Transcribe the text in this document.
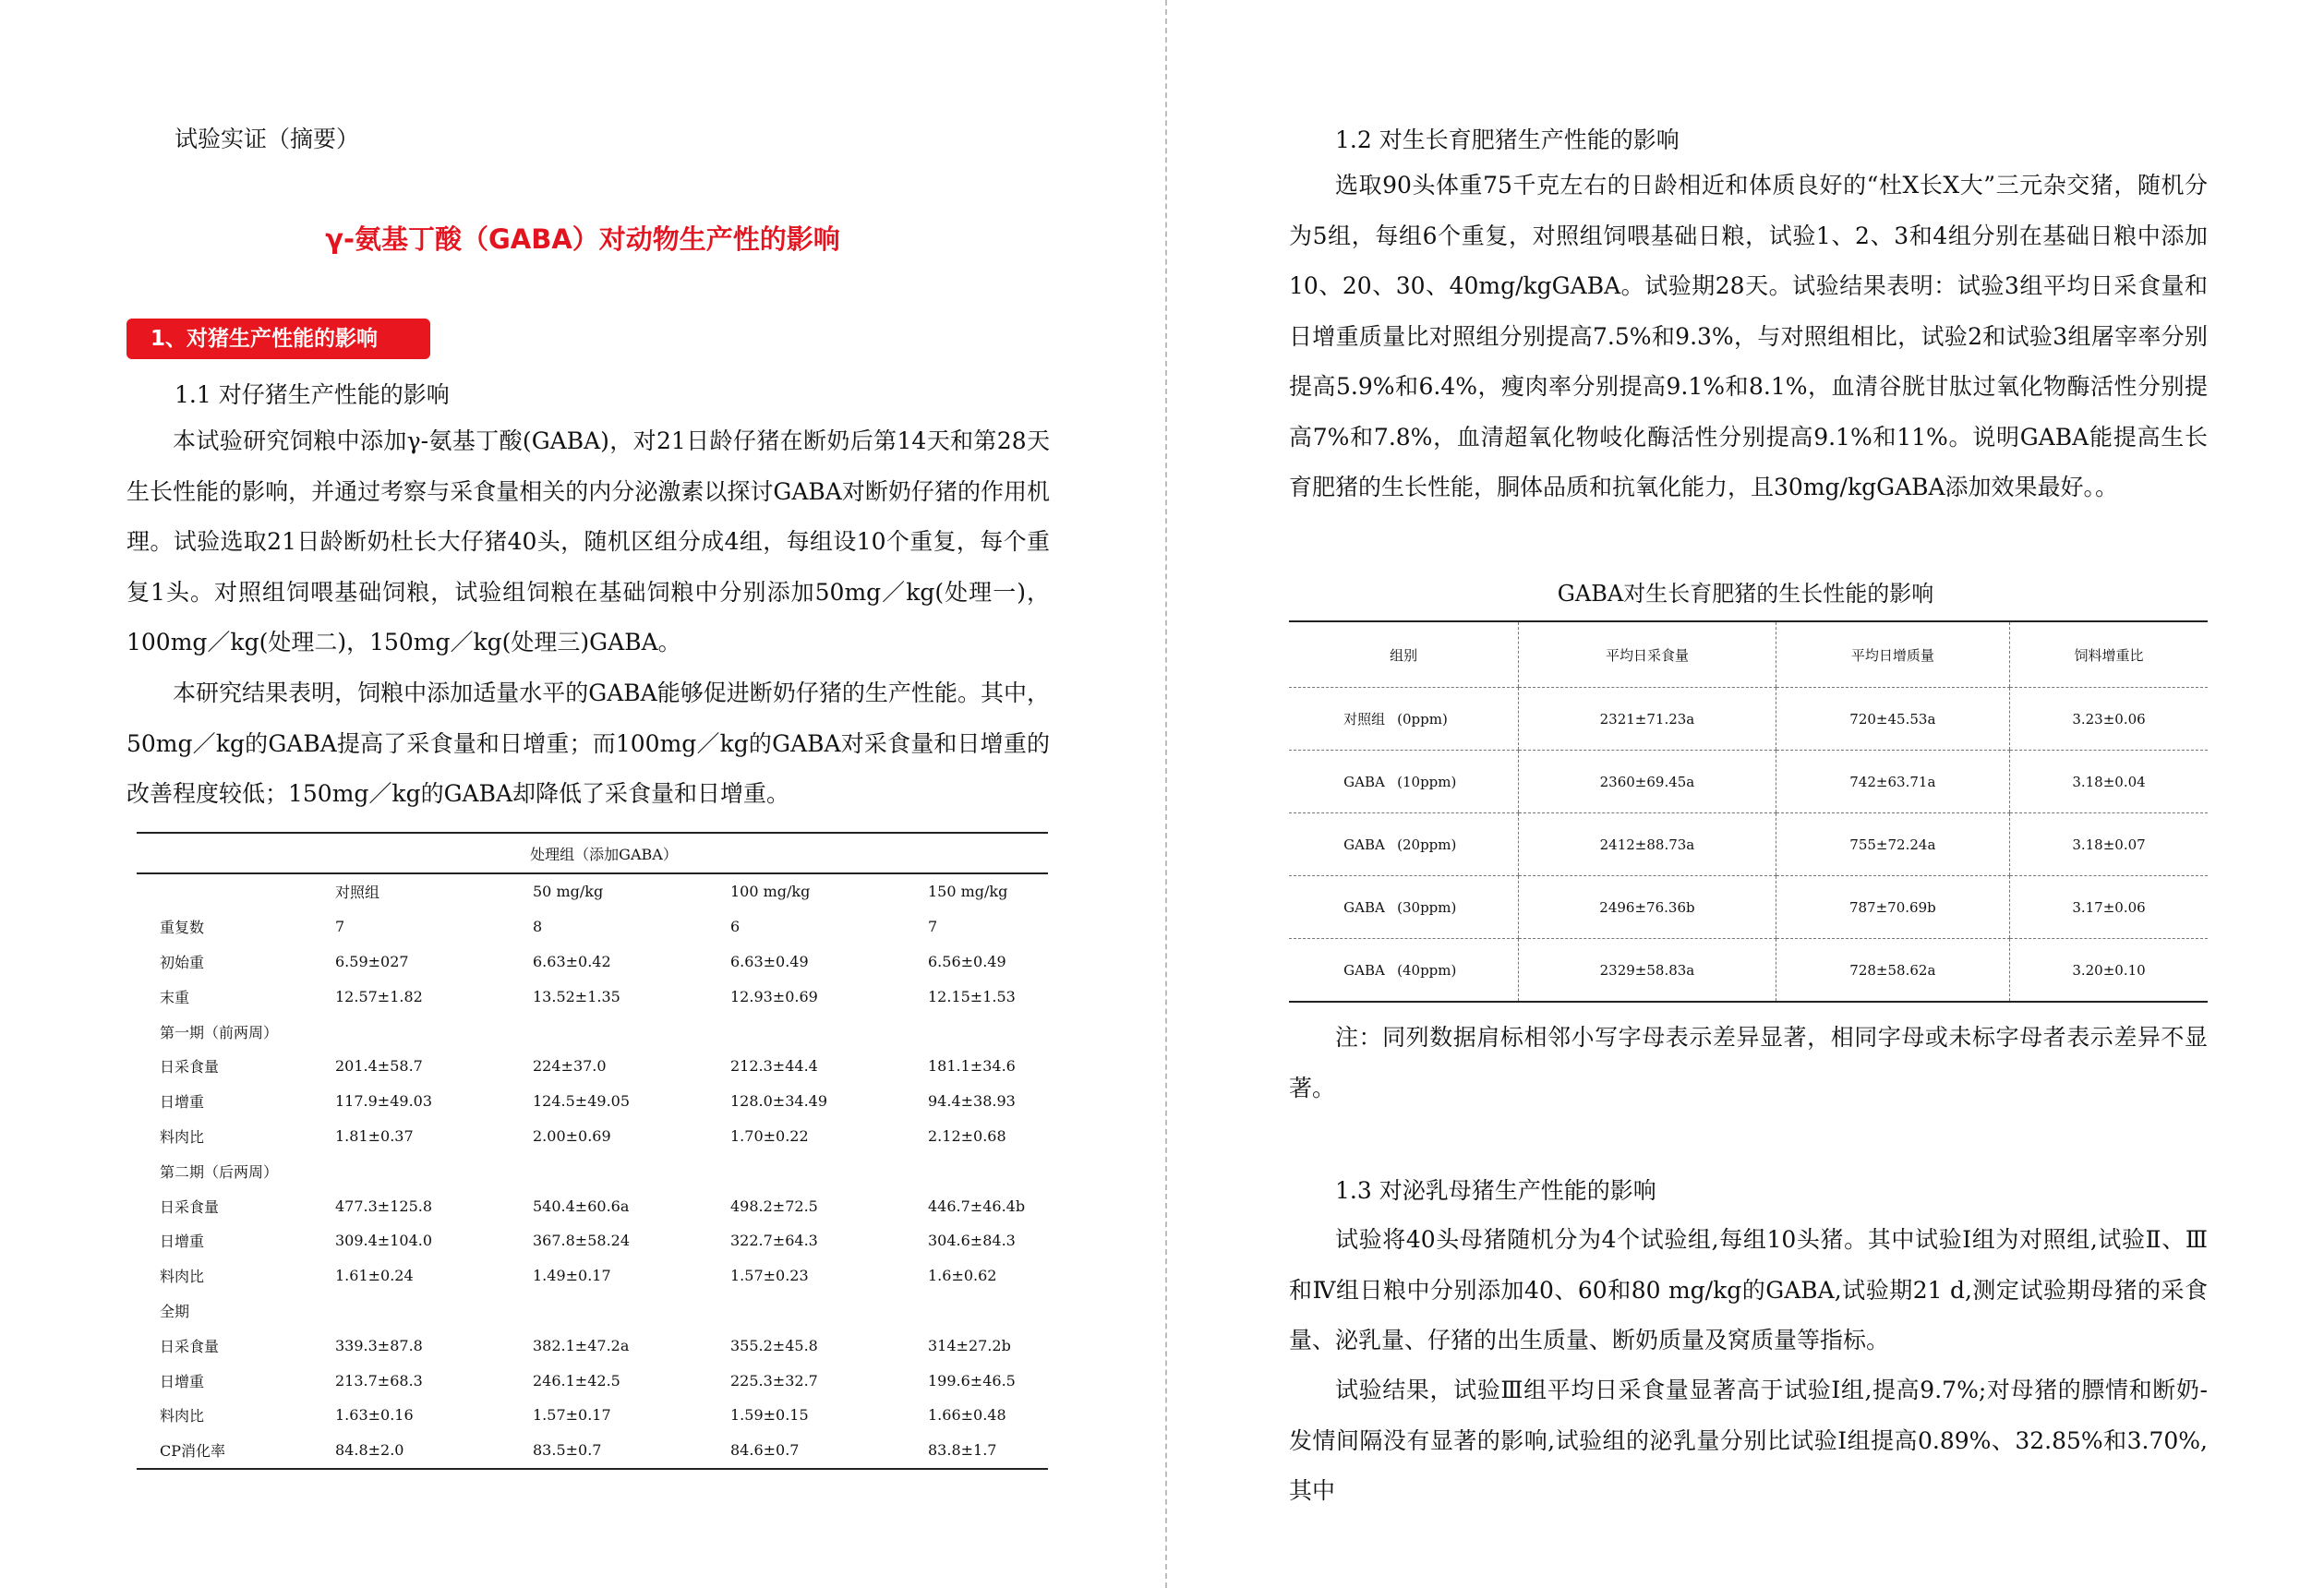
试验实证（摘要）
γ-氨基丁酸（GABA）对动物生产性的影响
1、对猪生产性能的影响
1.1 对仔猪生产性能的影响

本试验研究饲粮中添加γ-氨基丁酸(GABA)，对21日龄仔猪在断奶后第14天和第28天生长性能的影响，并通过考察与采食量相关的内分泌激素以探讨GABA对断奶仔猪的作用机理。试验选取21日龄断奶杜长大仔猪40头，随机区组分成4组，每组设10个重复，每个重复1头。对照组饲喂基础饲粮，试验组饲粮在基础饲粮中分别添加50mg／kg(处理一)，100mg／kg(处理二)，150mg／kg(处理三)GABA。

本研究结果表明，饲粮中添加适量水平的GABA能够促进断奶仔猪的生产性能。其中，50mg／kg的GABA提高了采食量和日增重；而100mg／kg的GABA对采食量和日增重的改善程度较低；150mg／kg的GABA却降低了采食量和日增重。

处理组（添加GABA）				
	对照组	50 mg/kg	100 mg/kg	150 mg/kg
重复数	7	8	6	7
初始重	6.59±027	6.63±0.42	6.63±0.49	6.56±0.49
末重	12.57±1.82	13.52±1.35	12.93±0.69	12.15±1.53
第一期（前两周）				
日采食量	201.4±58.7	224±37.0	212.3±44.4	181.1±34.6
日增重	117.9±49.03	124.5±49.05	128.0±34.49	94.4±38.93
料肉比	1.81±0.37	2.00±0.69	1.70±0.22	2.12±0.68
第二期（后两周）				
日采食量	477.3±125.8	540.4±60.6a	498.2±72.5	446.7±46.4b
日增重	309.4±104.0	367.8±58.24	322.7±64.3	304.6±84.3
料肉比	1.61±0.24	1.49±0.17	1.57±0.23	1.6±0.62
全期				
日采食量	339.3±87.8	382.1±47.2a	355.2±45.8	314±27.2b
日增重	213.7±68.3	246.1±42.5	225.3±32.7	199.6±46.5
料肉比	1.63±0.16	1.57±0.17	1.59±0.15	1.66±0.48
CP消化率	84.8±2.0	83.5±0.7	84.6±0.7	83.8±1.7
1.2 对生长育肥猪生产性能的影响

选取90头体重75千克左右的日龄相近和体质良好的“杜X长X大”三元杂交猪，随机分为5组，每组6个重复，对照组饲喂基础日粮，试验1、2、3和4组分别在基础日粮中添加10、20、30、40mg/kgGABA。试验期28天。试验结果表明：试验3组平均日采食量和日增重质量比对照组分别提高7.5%和9.3%，与对照组相比，试验2和试验3组屠宰率分别提高5.9%和6.4%，瘦肉率分别提高9.1%和8.1%，血清谷胱甘肽过氧化物酶活性分别提高7%和7.8%，血清超氧化物岐化酶活性分别提高9.1%和11%。说明GABA能提高生长育肥猪的生长性能，胴体品质和抗氧化能力，且30mg/kgGABA添加效果最好。。

GABA对生长育肥猪的生长性能的影响
组别	平均日采食量	平均日增质量	饲料增重比
对照组 (0ppm)	2321±71.23a	720±45.53a	3.23±0.06
GABA (10ppm)	2360±69.45a	742±63.71a	3.18±0.04
GABA (20ppm)	2412±88.73a	755±72.24a	3.18±0.07
GABA (30ppm)	2496±76.36b	787±70.69b	3.17±0.06
GABA (40ppm)	2329±58.83a	728±58.62a	3.20±0.10

注：同列数据肩标相邻小写字母表示差异显著，相同字母或未标字母者表示差异不显著。

1.3 对泌乳母猪生产性能的影响

试验将40头母猪随机分为4个试验组,每组10头猪。其中试验Ⅰ组为对照组,试验Ⅱ、Ⅲ和Ⅳ组日粮中分别添加40、60和80 mg/kg的GABA,试验期21 d,测定试验期母猪的采食量、泌乳量、仔猪的出生质量、断奶质量及窝质量等指标。

试验结果，试验Ⅲ组平均日采食量显著高于试验Ⅰ组,提高9.7%;对母猪的膘情和断奶-发情间隔没有显著的影响,试验组的泌乳量分别比试验Ⅰ组提高0.89%、32.85%和3.70%,其中
